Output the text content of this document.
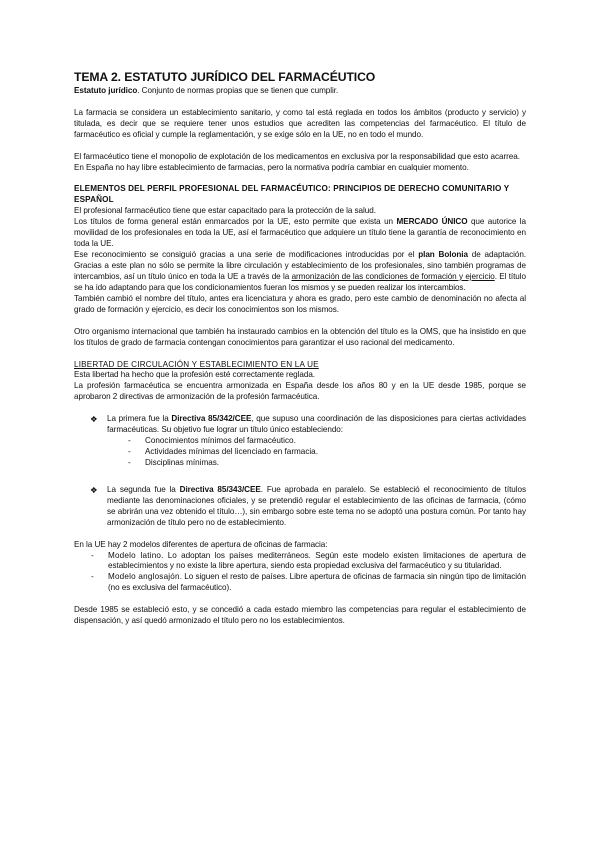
TEMA 2. ESTATUTO JURÍDICO DEL FARMACÉUTICO

Estatuto jurídico. Conjunto de normas propias que se tienen que cumplir.

La farmacia se considera un establecimiento sanitario, y como tal está reglada en todos los ámbitos (producto y servicio) y titulada, es decir que se requiere tener unos estudios que acrediten las competencias del farmacéutico. El título de farmacéutico es oficial y cumple la reglamentación, y se exige sólo en la UE, no en todo el mundo.

El farmacéutico tiene el monopolio de explotación de los medicamentos en exclusiva por la responsabilidad que esto acarrea.

En España no hay libre establecimiento de farmacias, pero la normativa podría cambiar en cualquier momento.

ELEMENTOS DEL PERFIL PROFESIONAL DEL FARMACÉUTICO: PRINCIPIOS DE DERECHO COMUNITARIO Y ESPAÑOL

El profesional farmacéutico tiene que estar capacitado para la protección de la salud.

Los títulos de forma general están enmarcados por la UE, esto permite que exista un MERCADO ÚNICO que autorice la movilidad de los profesionales en toda la UE, así el farmacéutico que adquiere un título tiene la garantía de reconocimiento en toda la UE.

Ese reconocimiento se consiguió gracias a una serie de modificaciones introducidas por el plan Bolonia de adaptación. Gracias a este plan no sólo se permite la libre circulación y establecimiento de los profesionales, sino también programas de intercambios, así un título único en toda la UE a través de la armonización de las condiciones de formación y ejercicio. El título se ha ido adaptando para que los condicionamientos fueran los mismos y se pueden realizar los intercambios.

También cambió el nombre del título, antes era licenciatura y ahora es grado, pero este cambio de denominación no afecta al grado de formación y ejercicio, es decir los conocimientos son los mismos.

Otro organismo internacional que también ha instaurado cambios en la obtención del título es la OMS, que ha insistido en que los títulos de grado de farmacia contengan conocimientos para garantizar el uso racional del medicamento.

LIBERTAD DE CIRCULACIÓN Y ESTABLECIMIENTO EN LA UE

Esta libertad ha hecho que la profesión esté correctamente reglada.

La profesión farmacéutica se encuentra armonizada en España desde los años 80 y en la UE desde 1985, porque se aprobaron 2 directivas de armonización de la profesión farmacéutica.

❖ La primera fue la Directiva 85/342/CEE, que supuso una coordinación de las disposiciones para ciertas actividades farmacéuticas. Su objetivo fue lograr un título único estableciendo:

- Conocimientos mínimos del farmacéutico.
- Actividades mínimas del licenciado en farmacia.
- Disciplinas mínimas.
❖ La segunda fue la Directiva 85/343/CEE. Fue aprobada en paralelo. Se estableció el reconocimiento de títulos mediante las denominaciones oficiales, y se pretendió regular el establecimiento de las oficinas de farmacia, (cómo se abrirán una vez obtenido el título…), sin embargo sobre este tema no se adoptó una postura común. Por tanto hay armonización de título pero no de establecimiento.

En la UE hay 2 modelos diferentes de apertura de oficinas de farmacia:

- Modelo latino. Lo adoptan los países mediterráneos. Según este modelo existen limitaciones de apertura de establecimientos y no existe la libre apertura, siendo esta propiedad exclusiva del farmacéutico y su titularidad.

- Modelo anglosajón. Lo siguen el resto de países. Libre apertura de oficinas de farmacia sin ningún tipo de limitación (no es exclusiva del farmacéutico).

Desde 1985 se estableció esto, y se concedió a cada estado miembro las competencias para regular el establecimiento de dispensación, y así quedó armonizado el título pero no los establecimientos.
